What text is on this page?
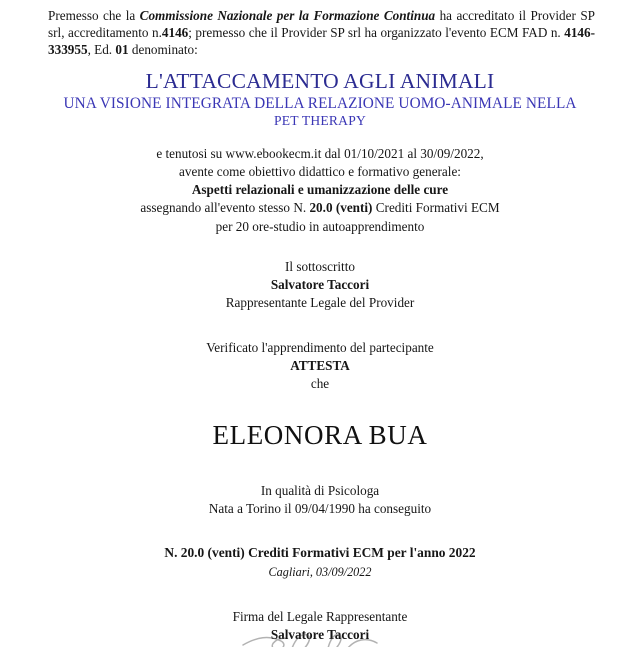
Premesso che la Commissione Nazionale per la Formazione Continua ha accreditato il Provider SP srl, accreditamento n.4146; premesso che il Provider SP srl ha organizzato l'evento ECM FAD n. 4146-333955, Ed. 01 denominato:

L'ATTACCAMENTO AGLI ANIMALI
UNA VISIONE INTEGRATA DELLA RELAZIONE UOMO-ANIMALE NELLA
PET THERAPY
e tenutosi su www.ebookecm.it dal 01/10/2021 al 30/09/2022,
avente come obiettivo didattico e formativo generale:
Aspetti relazionali e umanizzazione delle cure
assegnando all'evento stesso N. 20.0 (venti) Crediti Formativi ECM
per 20 ore-studio in autoapprendimento
Il sottoscritto
Salvatore Taccori
Rappresentante Legale del Provider
Verificato l'apprendimento del partecipante
ATTESTA
che
ELEONORA BUA
In qualità di Psicologa
Nata a Torino il 09/04/1990 ha conseguito
N. 20.0 (venti) Crediti Formativi ECM per l'anno 2022
Cagliari, 03/09/2022
Firma del Legale Rappresentante
Salvatore Taccori
